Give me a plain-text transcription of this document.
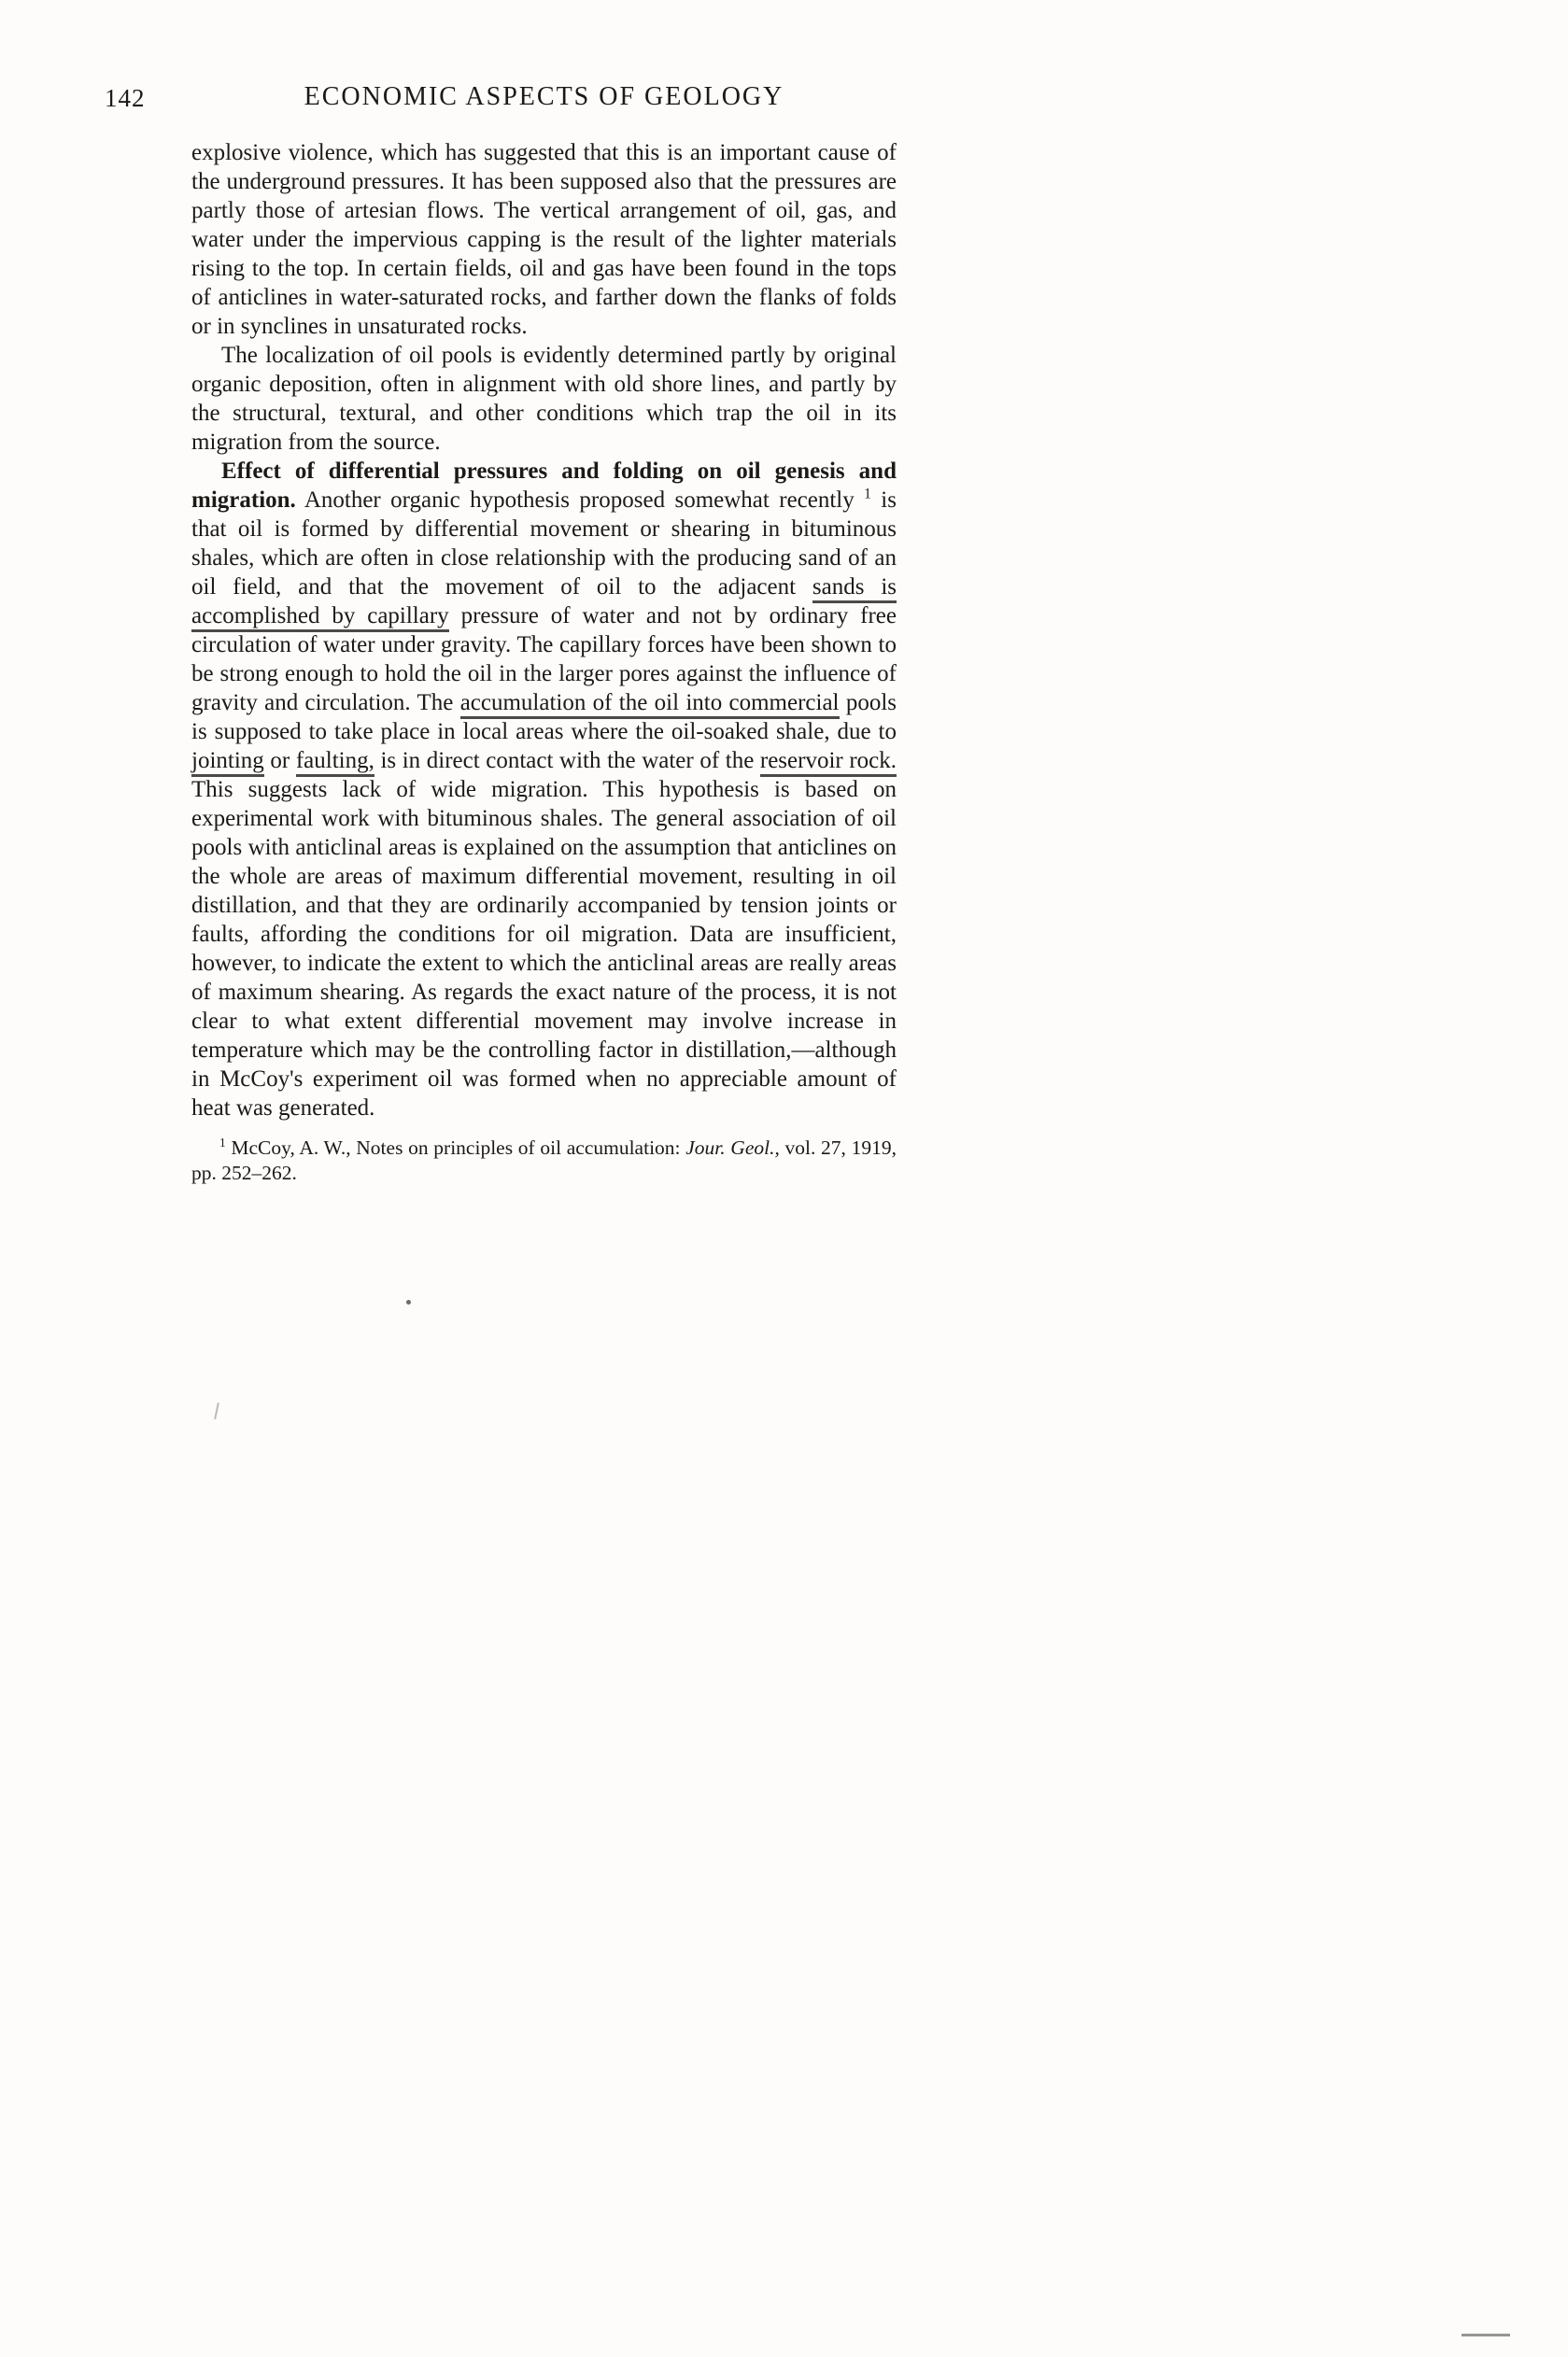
142	ECONOMIC ASPECTS OF GEOLOGY

explosive violence, which has suggested that this is an important cause of the underground pressures. It has been supposed also that the pressures are partly those of artesian flows. The vertical arrangement of oil, gas, and water under the impervious capping is the result of the lighter materials rising to the top. In certain fields, oil and gas have been found in the tops of anticlines in water-saturated rocks, and farther down the flanks of folds or in synclines in unsaturated rocks.

The localization of oil pools is evidently determined partly by original organic deposition, often in alignment with old shore lines, and partly by the structural, textural, and other conditions which trap the oil in its migration from the source.

Effect of differential pressures and folding on oil genesis and migration. Another organic hypothesis proposed somewhat recently $^1$ is that oil is formed by differential movement or shearing in bituminous shales, which are often in close relationship with the producing sand of an oil field, and that the movement of oil to the adjacent sands is accomplished by capillary pressure of water and not by ordinary free circulation of water under gravity. The capillary forces have been shown to be strong enough to hold the oil in the larger pores against the influence of gravity and circulation. The accumulation of the oil into commercial pools is supposed to take place in local areas where the oil-soaked shale, due to jointing or faulting, is in direct contact with the water of the reservoir rock. This suggests lack of wide migration. This hypothesis is based on experimental work with bituminous shales. The general association of oil pools with anticlinal areas is explained on the assumption that anticlines on the whole are areas of maximum differential movement, resulting in oil distillation, and that they are ordinarily accompanied by tension joints or faults, affording the conditions for oil migration. Data are insufficient, however, to indicate the extent to which the anticlinal areas are really areas of maximum shearing. As regards the exact nature of the process, it is not clear to what extent differential movement may involve increase in temperature which may be the controlling factor in distillation,—although in McCoy's experiment oil was formed when no appreciable amount of heat was generated.

$^1$ McCoy, A. W., Notes on principles of oil accumulation: Jour. Geol., vol. 27, 1919, pp. 252–262.
